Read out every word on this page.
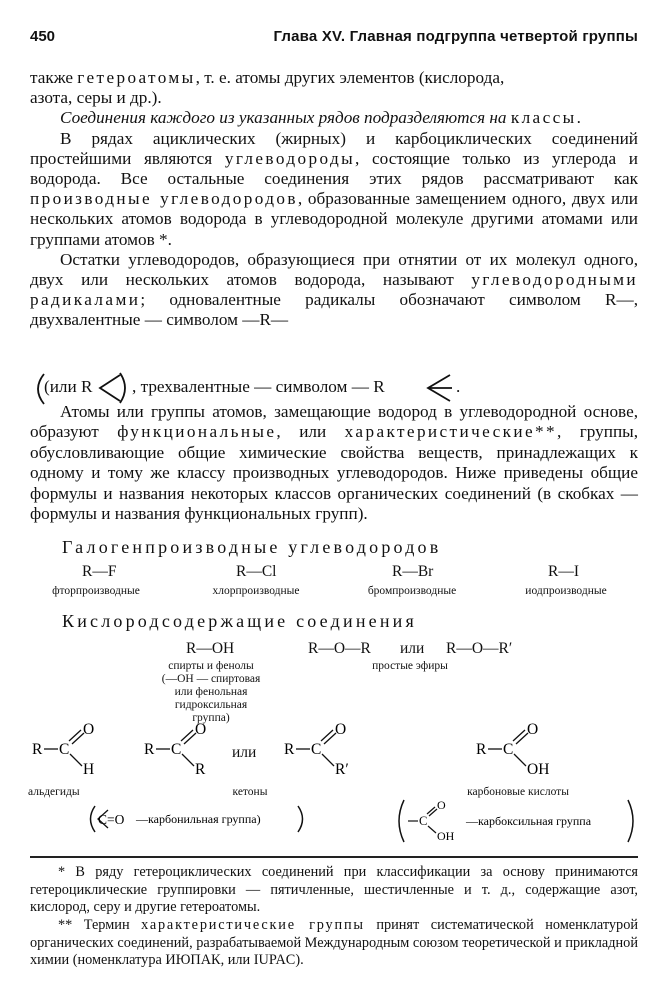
450	Глава XV. Главная подгруппа четвертой группы

также гетероатомы, т. е. атомы других элементов (кислорода,
азота, серы и др.).

Соединения каждого из указанных рядов подразделяются на классы.

В рядах ациклических (жирных) и карбоциклических соединений простейшими являются углеводороды, состоящие только из углерода и водорода. Все остальные соединения этих рядов рассматривают как производные углеводородов, образованные замещением одного, двух или нескольких атомов водорода в углеводородной молекуле другими атомами или группами атомов *.

Остатки углеводородов, образующиеся при отнятии от их молекул одного, двух или нескольких атомов водорода, называют углеводородными радикалами; одновалентные радикалы обозначают символом R—, двухвалентные — символом —R—

(или R , трехвалентные — символом — R	.

Атомы или группы атомов, замещающие водород в углеводородной основе, образуют функциональные, или характеристические**, группы, обусловливающие общие химические свойства веществ, принадлежащих к одному и тому же классу производных углеводородов. Ниже приведены общие формулы и названия некоторых классов органических соединений (в скобках — формулы и названия функциональных групп).

Галогенпроизводные углеводородов
R—F
фторпроизводные
R—Cl
хлорпроизводные
R—Br
бромпроизводные
R—I
иодпроизводные
Кислородсодержащие соединения
R—OH
спирты и фенолы
(—ОН — спиртовая
или фенольная
гидроксильная
группа)
R—O—R или R—O—R′
простые эфиры
R C
O
H
альдегиды
R C
O
R
или R C
O
R′
кетоны
R C
O
OH
карбоновые кислоты
C=O —карбонильная группа)	C
O
OH
—карбоксильная группа

* В ряду гетероциклических соединений при классификации за основу принимаются гетероциклические группировки — пятичленные, шестичленные и т. д., содержащие азот, кислород, серу и другие гетероатомы.

** Термин характеристические группы принят систематической номенклатурой органических соединений, разрабатываемой Международным союзом теоретической и прикладной химии (номенклатура ИЮПАК, или IUPAC).
